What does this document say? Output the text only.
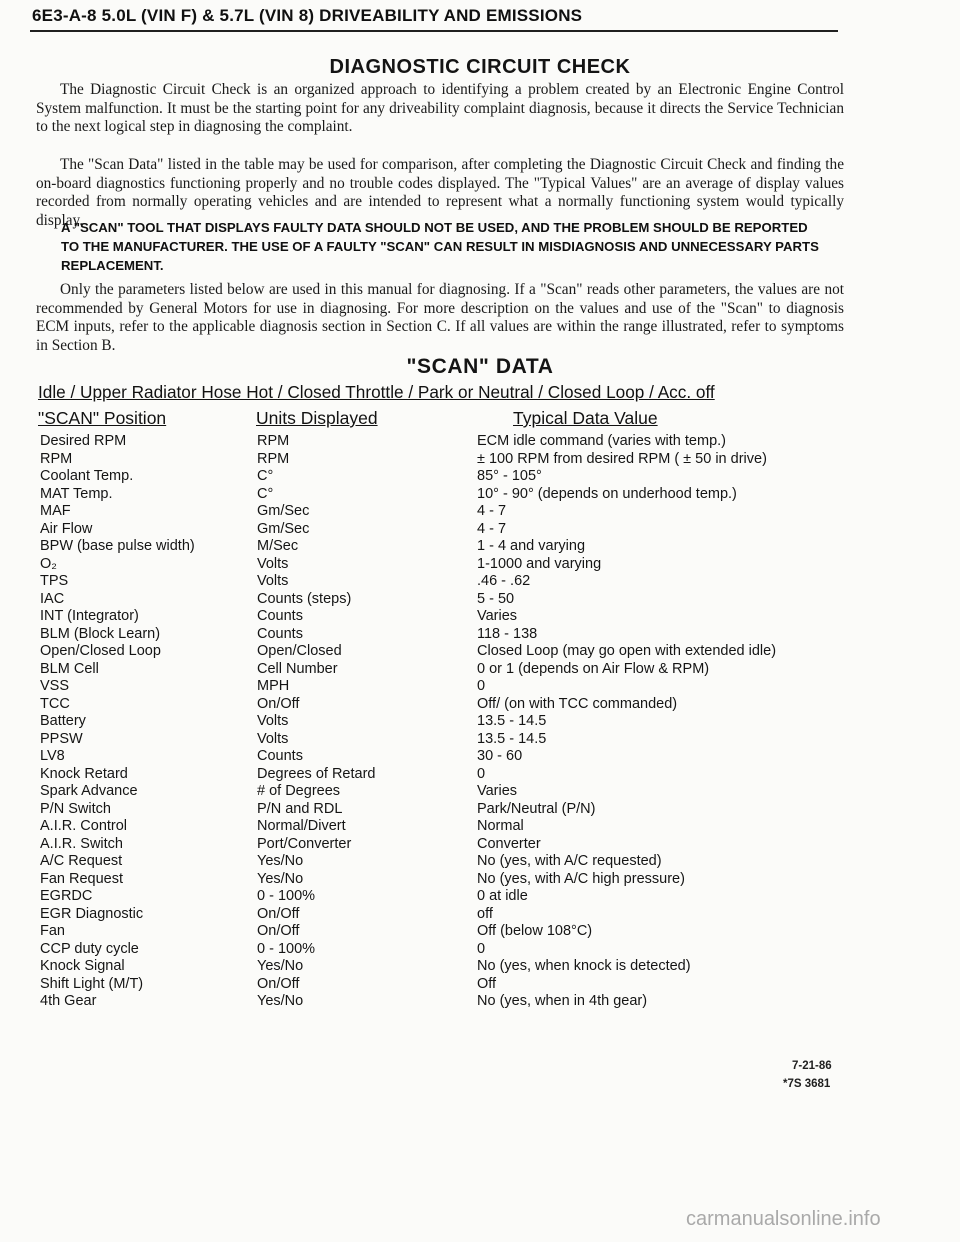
6E3-A-8 5.0L (VIN F) & 5.7L (VIN 8) DRIVEABILITY AND EMISSIONS
DIAGNOSTIC CIRCUIT CHECK

The Diagnostic Circuit Check is an organized approach to identifying a problem created by an Electronic Engine Control System malfunction. It must be the starting point for any driveability complaint diagnosis, because it directs the Service Technician to the next logical step in diagnosing the complaint.

The "Scan Data" listed in the table may be used for comparison, after completing the Diagnostic Circuit Check and finding the on-board diagnostics functioning properly and no trouble codes displayed. The "Typical Values" are an average of display values recorded from normally operating vehicles and are intended to represent what a normally functioning system would typically display.

A "SCAN" TOOL THAT DISPLAYS FAULTY DATA SHOULD NOT BE USED, AND THE PROBLEM SHOULD BE REPORTED TO THE MANUFACTURER. THE USE OF A FAULTY "SCAN" CAN RESULT IN MISDIAGNOSIS AND UNNECESSARY PARTS REPLACEMENT.

Only the parameters listed below are used in this manual for diagnosing. If a "Scan" reads other parameters, the values are not recommended by General Motors for use in diagnosing. For more description on the values and use of the "Scan" to diagnosis ECM inputs, refer to the applicable diagnosis section in Section C. If all values are within the range illustrated, refer to symptoms in Section B.

"SCAN" DATA
Idle / Upper Radiator Hose Hot / Closed Throttle / Park or Neutral / Closed Loop / Acc. off
"SCAN" Position	Units Displayed	Typical Data Value
Desired RPM	RPM	ECM idle command (varies with temp.)
RPM	RPM	± 100 RPM from desired RPM ( ± 50 in drive)
Coolant Temp.	C°	85° - 105°
MAT Temp.	C°	10° - 90° (depends on underhood temp.)
MAF	Gm/Sec	4 - 7
Air Flow	Gm/Sec	4 - 7
BPW (base pulse width)	M/Sec	1 - 4 and varying
O₂	Volts	1-1000 and varying
TPS	Volts	.46 - .62
IAC	Counts (steps)	5 - 50
INT (Integrator)	Counts	Varies
BLM (Block Learn)	Counts	118 - 138
Open/Closed Loop	Open/Closed	Closed Loop (may go open with extended idle)
BLM Cell	Cell Number	0 or 1 (depends on Air Flow & RPM)
VSS	MPH	0
TCC	On/Off	Off/ (on with TCC commanded)
Battery	Volts	13.5 - 14.5
PPSW	Volts	13.5 - 14.5
LV8	Counts	30 - 60
Knock Retard	Degrees of Retard	0
Spark Advance	# of Degrees	Varies
P/N Switch	P/N and RDL	Park/Neutral (P/N)
A.I.R. Control	Normal/Divert	Normal
A.I.R. Switch	Port/Converter	Converter
A/C Request	Yes/No	No (yes, with A/C requested)
Fan Request	Yes/No	No (yes, with A/C high pressure)
EGRDC	0 - 100%	0 at idle
EGR Diagnostic	On/Off	off
Fan	On/Off	Off (below 108°C)
CCP duty cycle	0 - 100%	0
Knock Signal	Yes/No	No (yes, when knock is detected)
Shift Light (M/T)	On/Off	Off
4th Gear	Yes/No	No (yes, when in 4th gear)
7-21-86
*7S 3681
carmanualsonline.info
